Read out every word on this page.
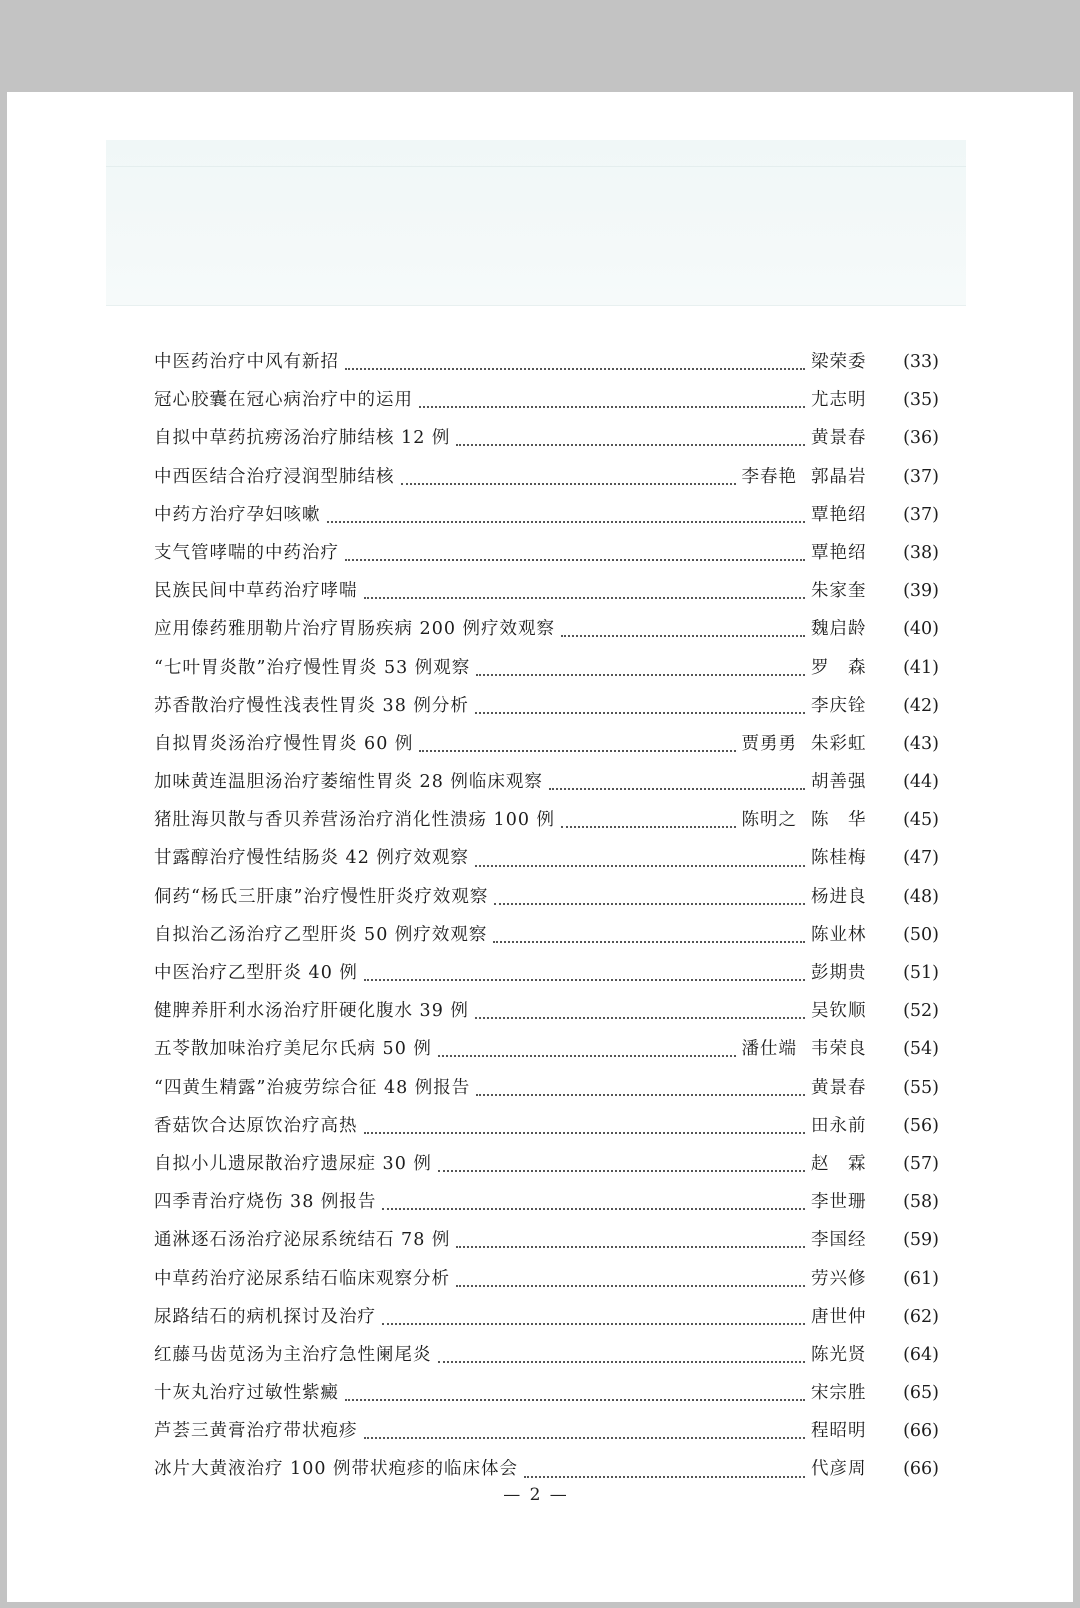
中医药治疗中风有新招	梁荣委	(33)
冠心胶囊在冠心病治疗中的运用	尤志明	(35)
自拟中草药抗痨汤治疗肺结核 12 例	黄景春	(36)
中西医结合治疗浸润型肺结核	李春艳 郭晶岩	(37)
中药方治疗孕妇咳嗽	覃艳绍	(37)
支气管哮喘的中药治疗	覃艳绍	(38)
民族民间中草药治疗哮喘	朱家奎	(39)
应用傣药雅朋勒片治疗胃肠疾病 200 例疗效观察	魏启龄	(40)
“七叶胃炎散”治疗慢性胃炎 53 例观察	罗　森	(41)
苏香散治疗慢性浅表性胃炎 38 例分析	李庆铨	(42)
自拟胃炎汤治疗慢性胃炎 60 例	贾勇勇 朱彩虹	(43)
加味黄连温胆汤治疗萎缩性胃炎 28 例临床观察	胡善强	(44)
猪肚海贝散与香贝养营汤治疗消化性溃疡 100 例	陈明之 陈　华	(45)
甘露醇治疗慢性结肠炎 42 例疗效观察	陈桂梅	(47)
侗药“杨氏三肝康”治疗慢性肝炎疗效观察	杨进良	(48)
自拟治乙汤治疗乙型肝炎 50 例疗效观察	陈业林	(50)
中医治疗乙型肝炎 40 例	彭期贵	(51)
健脾养肝利水汤治疗肝硬化腹水 39 例	吴钦顺	(52)
五苓散加味治疗美尼尔氏病 50 例	潘仕端 韦荣良	(54)
“四黄生精露”治疲劳综合征 48 例报告	黄景春	(55)
香菇饮合达原饮治疗高热	田永前	(56)
自拟小儿遗尿散治疗遗尿症 30 例	赵　霖	(57)
四季青治疗烧伤 38 例报告	李世珊	(58)
通淋逐石汤治疗泌尿系统结石 78 例	李国经	(59)
中草药治疗泌尿系结石临床观察分析	劳兴修	(61)
尿路结石的病机探讨及治疗	唐世仲	(62)
红藤马齿苋汤为主治疗急性阑尾炎	陈光贤	(64)
十灰丸治疗过敏性紫癜	宋宗胜	(65)
芦荟三黄膏治疗带状疱疹	程昭明	(66)
冰片大黄液治疗 100 例带状疱疹的临床体会	代彦周	(66)
— 2 —
